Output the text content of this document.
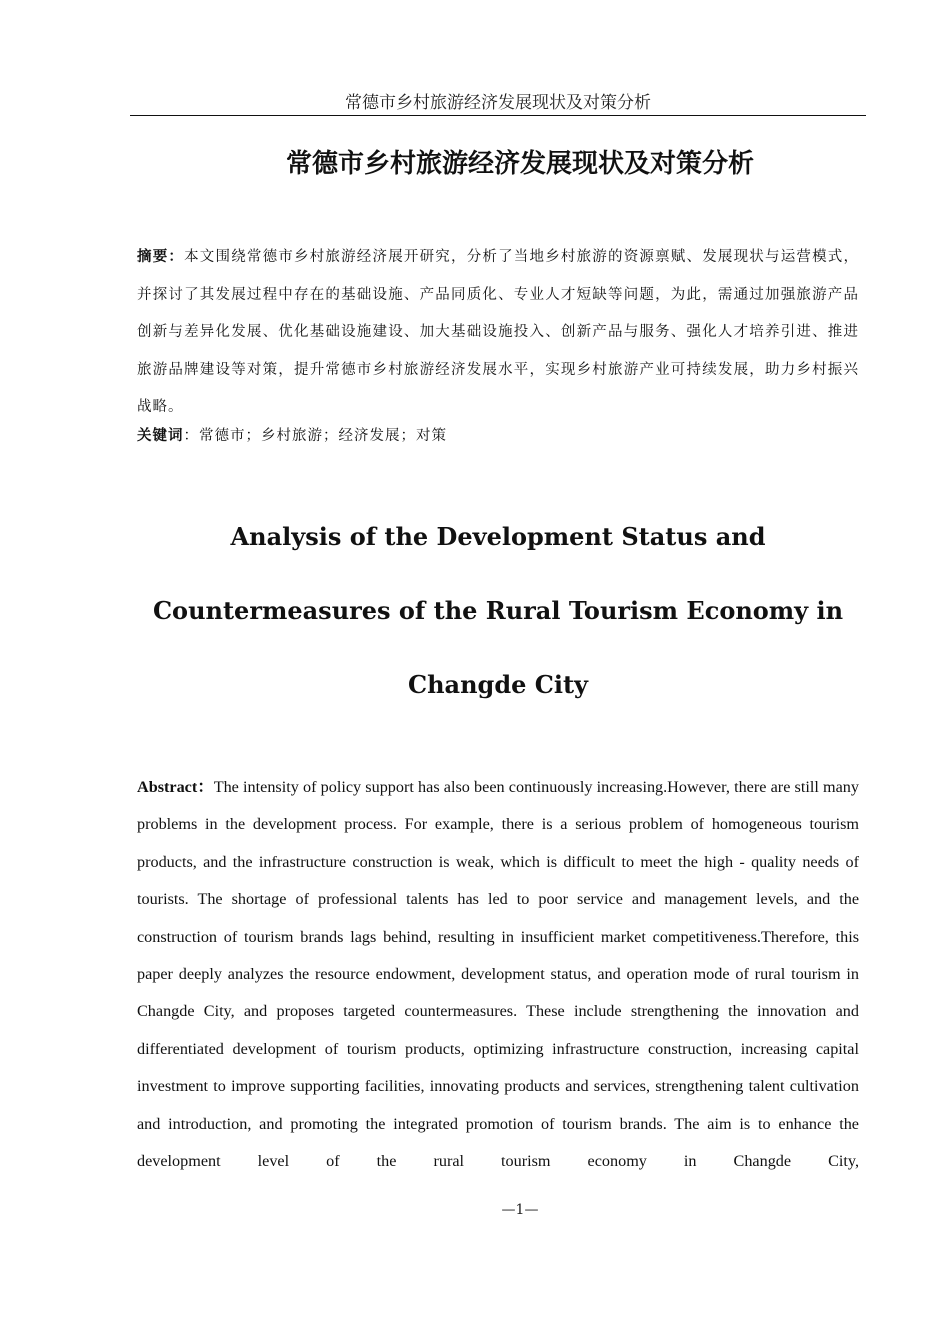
常德市乡村旅游经济发展现状及对策分析
常德市乡村旅游经济发展现状及对策分析
摘要：本文围绕常德市乡村旅游经济展开研究，分析了当地乡村旅游的资源禀赋、发展现状与运营模式，并探讨了其发展过程中存在的基础设施、产品同质化、专业人才短缺等问题，为此，需通过加强旅游产品创新与差异化发展、优化基础设施建设、加大基础设施投入、创新产品与服务、强化人才培养引进、推进旅游品牌建设等对策，提升常德市乡村旅游经济发展水平，实现乡村旅游产业可持续发展，助力乡村振兴战略。
关键词：常德市；乡村旅游；经济发展；对策
Analysis of the Development Status and
Countermeasures of the Rural Tourism Economy in
Changde City
Abstract：The intensity of policy support has also been continuously increasing.However, there are still many problems in the development process. For example, there is a serious problem of homogeneous tourism products, and the infrastructure construction is weak, which is difficult to meet the high - quality needs of tourists. The shortage of professional talents has led to poor service and management levels, and the construction of tourism brands lags behind, resulting in insufficient market competitiveness.Therefore, this paper deeply analyzes the resource endowment, development status, and operation mode of rural tourism in Changde City, and proposes targeted countermeasures. These include strengthening the innovation and differentiated development of tourism products, optimizing infrastructure construction, increasing capital investment to improve supporting facilities, innovating products and services, strengthening talent cultivation and introduction, and promoting the integrated promotion of tourism brands. The aim is to enhance the development level of the rural tourism economy in Changde City,
—1—
